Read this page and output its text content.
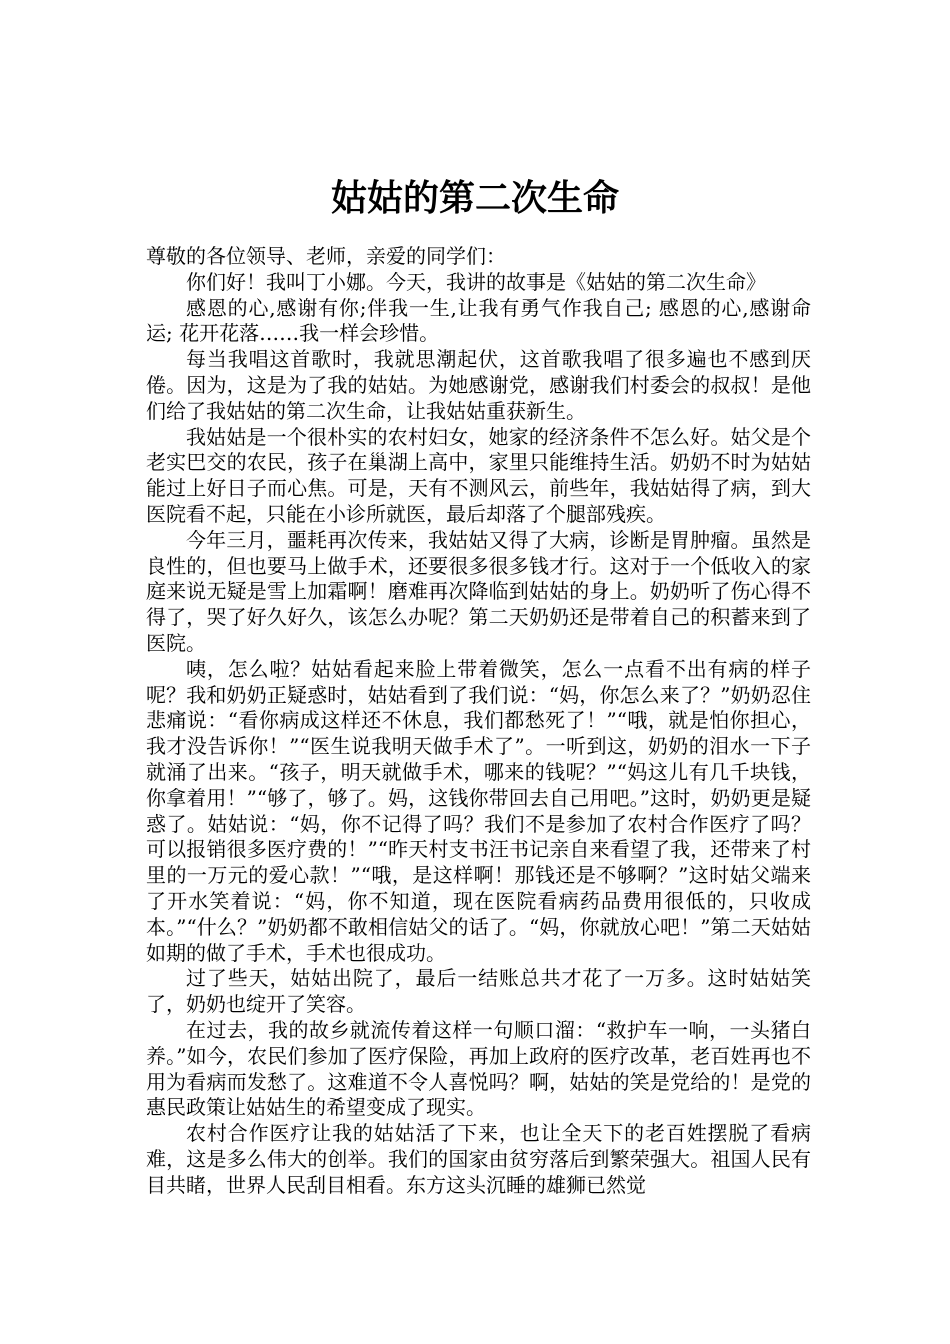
姑姑的第二次生命

尊敬的各位领导、老师，亲爱的同学们：

你们好！我叫丁小娜。今天，我讲的故事是《姑姑的第二次生命》

感恩的心,感谢有你;伴我一生,让我有勇气作我自己; 感恩的心,感谢命运; 花开花落……我一样会珍惜。

每当我唱这首歌时，我就思潮起伏，这首歌我唱了很多遍也不感到厌倦。因为，这是为了我的姑姑。为她感谢党，感谢我们村委会的叔叔！是他们给了我姑姑的第二次生命，让我姑姑重获新生。

我姑姑是一个很朴实的农村妇女，她家的经济条件不怎么好。姑父是个老实巴交的农民，孩子在巢湖上高中，家里只能维持生活。奶奶不时为姑姑能过上好日子而心焦。可是，天有不测风云，前些年，我姑姑得了病，到大医院看不起，只能在小诊所就医，最后却落了个腿部残疾。

今年三月，噩耗再次传来，我姑姑又得了大病，诊断是胃肿瘤。虽然是良性的，但也要马上做手术，还要很多很多钱才行。这对于一个低收入的家庭来说无疑是雪上加霜啊！磨难再次降临到姑姑的身上。奶奶听了伤心得不得了，哭了好久好久，该怎么办呢？第二天奶奶还是带着自己的积蓄来到了医院。

咦，怎么啦？姑姑看起来脸上带着微笑，怎么一点看不出有病的样子呢？我和奶奶正疑惑时，姑姑看到了我们说：“妈，你怎么来了？”奶奶忍住悲痛说：“看你病成这样还不休息，我们都愁死了！”“哦，就是怕你担心，我才没告诉你！”“医生说我明天做手术了”。一听到这，奶奶的泪水一下子就涌了出来。“孩子，明天就做手术，哪来的钱呢？”“妈这儿有几千块钱，你拿着用！”“够了，够了。妈，这钱你带回去自己用吧。”这时，奶奶更是疑惑了。姑姑说：“妈，你不记得了吗？我们不是参加了农村合作医疗了吗？可以报销很多医疗费的！”“昨天村支书汪书记亲自来看望了我，还带来了村里的一万元的爱心款！”“哦，是这样啊！那钱还是不够啊？”这时姑父端来了开水笑着说：“妈，你不知道，现在医院看病药品费用很低的，只收成本。”“什么？”奶奶都不敢相信姑父的话了。“妈，你就放心吧！”第二天姑姑如期的做了手术，手术也很成功。

过了些天，姑姑出院了，最后一结账总共才花了一万多。这时姑姑笑了，奶奶也绽开了笑容。

在过去，我的故乡就流传着这样一句顺口溜：“救护车一响，一头猪白养。”如今，农民们参加了医疗保险，再加上政府的医疗改革，老百姓再也不用为看病而发愁了。这难道不令人喜悦吗？啊，姑姑的笑是党给的！是党的惠民政策让姑姑生的希望变成了现实。

农村合作医疗让我的姑姑活了下来，也让全天下的老百姓摆脱了看病难，这是多么伟大的创举。我们的国家由贫穷落后到繁荣强大。祖国人民有目共睹，世界人民刮目相看。东方这头沉睡的雄狮已然觉
